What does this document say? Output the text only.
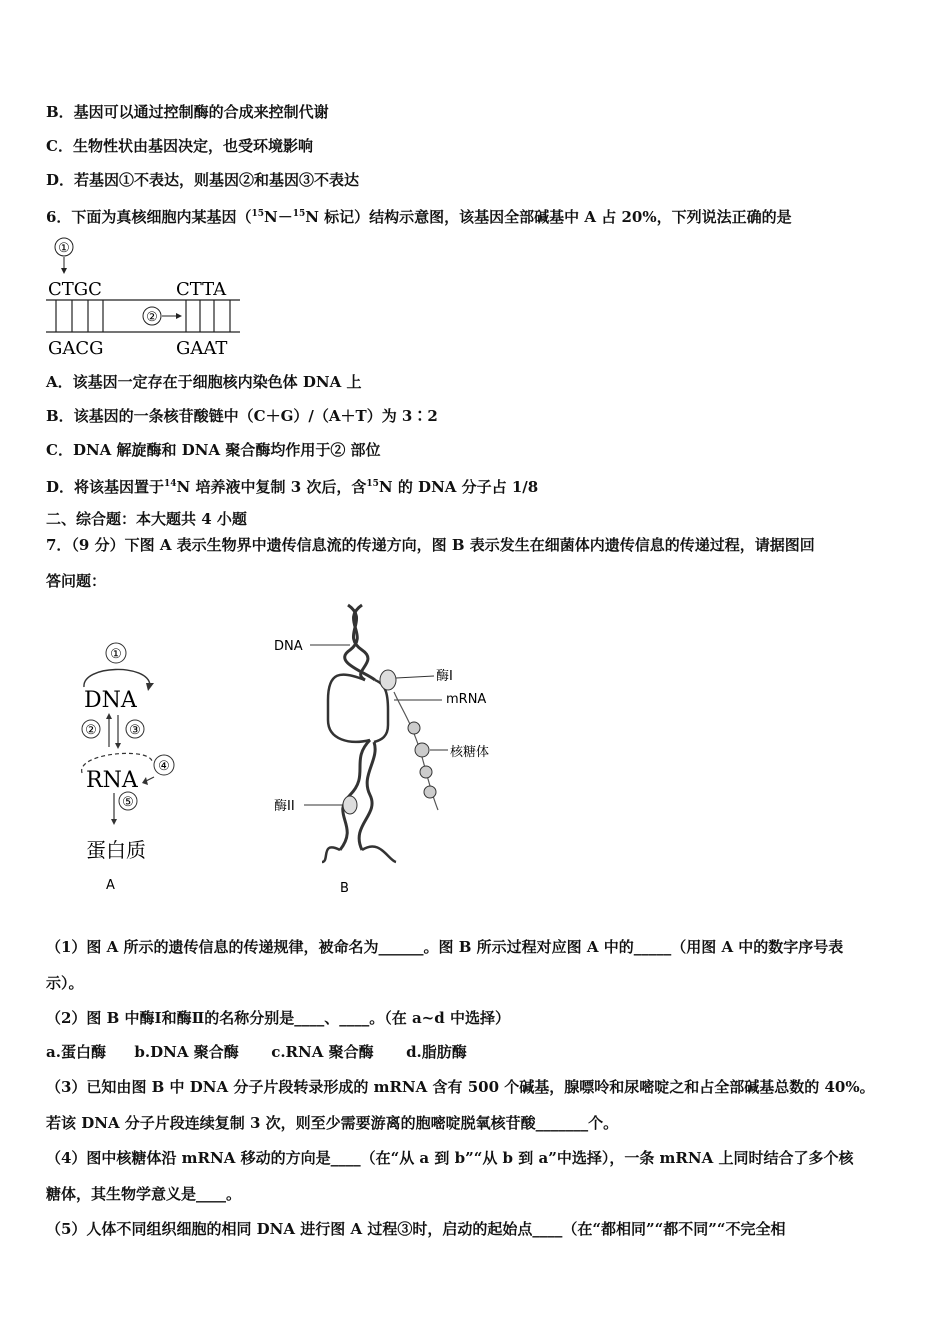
B．基因可以通过控制酶的合成来控制代谢
C．生物性状由基因决定，也受环境影响
D．若基因①不表达，则基因②和基因③不表达
6．下面为真核细胞内某基因（$^{15}$N－$^{15}$N 标记）结构示意图，该基因全部碱基中 A 占 20%，下列说法正确的是
①
CTGC	CTTA
②
GACG	GAAT
A．该基因一定存在于细胞核内染色体 DNA 上
B．该基因的一条核苷酸链中（C＋G）/（A＋T）为 3∶2
C．DNA 解旋酶和 DNA 聚合酶均作用于② 部位
D．将该基因置于$^{14}$N 培养液中复制 3 次后，含$^{15}$N 的 DNA 分子占 1/8
二、综合题：本大题共 4 小题
7．（9 分）下图 A 表示生物界中遗传信息流的传递方向，图 B 表示发生在细菌体内遗传信息的传递过程，请据图回
答问题：
①
DNA
② ③
RNA
④
⑤
蛋白质
A
DNA
酶I
mRNA
核糖体
酶II
B
（1）图 A 所示的遗传信息的传递规律，被命名为______。图 B 所示过程对应图 A 中的_____（用图 A 中的数字序号表
示）。
（2）图 B 中酶Ⅰ和酶Ⅱ的名称分别是____、____。（在 a~d 中选择）
a.蛋白酶 b.DNA 聚合酶 c.RNA 聚合酶 d.脂肪酶
（3）已知由图 B 中 DNA 分子片段转录形成的 mRNA 含有 500 个碱基，腺嘌呤和尿嘧啶之和占全部碱基总数的 40%。
若该 DNA 分子片段连续复制 3 次，则至少需要游离的胞嘧啶脱氧核苷酸_______个。
（4）图中核糖体沿 mRNA 移动的方向是____（在“从 a 到 b”“从 b 到 a”中选择），一条 mRNA 上同时结合了多个核
糖体，其生物学意义是____。
（5）人体不同组织细胞的相同 DNA 进行图 A 过程③时，启动的起始点____（在“都相同”“都不同”“不完全相
